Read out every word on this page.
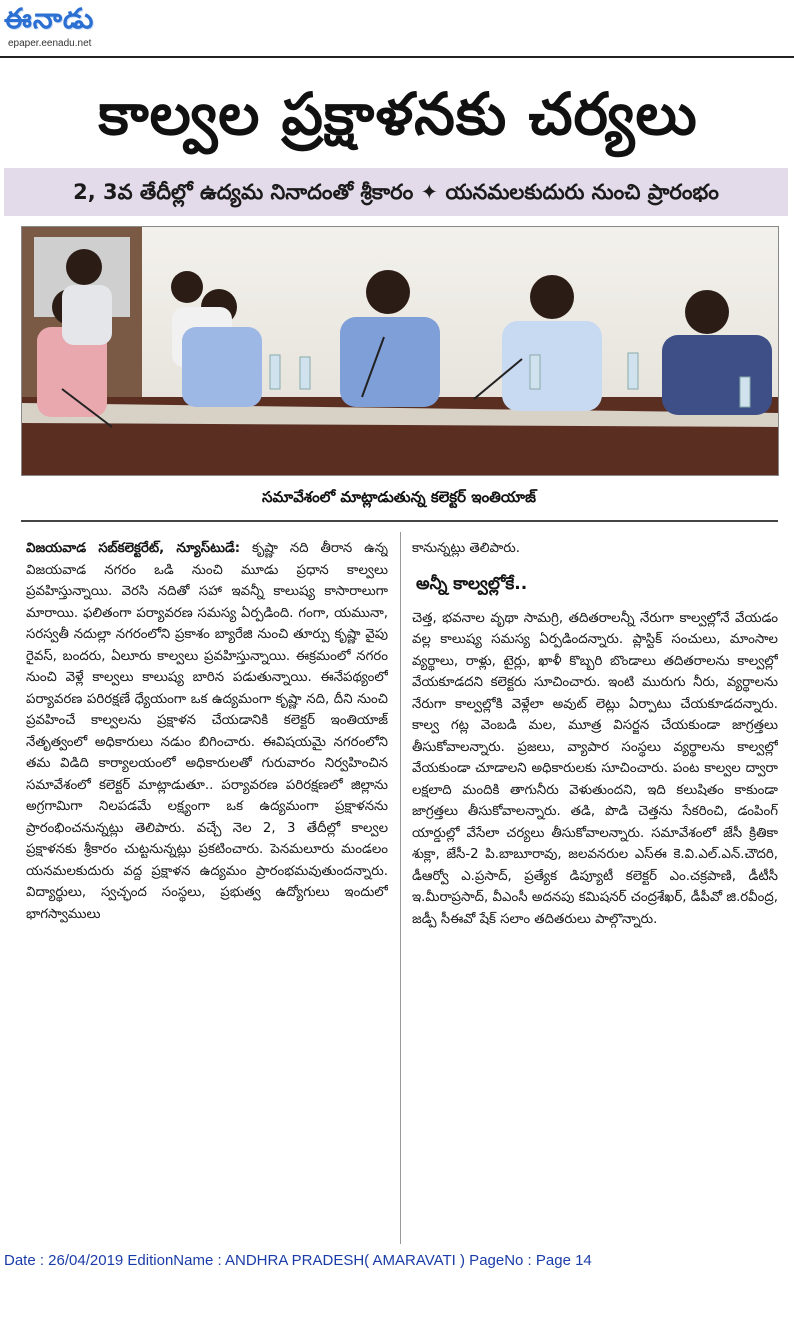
ఈనాడు
epaper.eenadu.net
కాల్వల ప్రక్షాళనకు చర్యలు
2, 3వ తేదీల్లో ఉద్యమ నినాదంతో శ్రీకారం ✦ యనమలకుదురు నుంచి ప్రారంభం
సమావేశంలో మాట్లాడుతున్న కలెక్టర్ ఇంతియాజ్
విజయవాడ సబ్‌కలెక్టరేట్, న్యూస్‌టుడే: కృష్ణా నది తీరాన ఉన్న విజయవాడ నగరం ఒడి నుంచి మూడు ప్రధాన కాల్వలు ప్రవహిస్తున్నాయి. వెరసి నదితో సహా ఇవన్నీ కాలుష్య కాసారాలుగా మారాయి. ఫలితంగా పర్యావరణ సమస్య ఏర్పడింది. గంగా, యమునా, సరస్వతీ నదుల్లా నగరంలోని ప్రకాశం బ్యారేజి నుంచి తూర్పు కృష్ణా వైపు రైవస్, బందరు, ఏలూరు కాల్వలు ప్రవహిస్తున్నాయి. ఈక్రమంలో నగరం నుంచి వెళ్లే కాల్వలు కాలుష్య బారిన పడుతున్నాయి. ఈనేపథ్యంలో పర్యావరణ పరిరక్షణే ధ్యేయంగా ఒక ఉద్యమంగా కృష్ణా నది, దీని నుంచి ప్రవహించే కాల్వలను ప్రక్షాళన చేయడానికి కలెక్టర్ ఇంతియాజ్ నేతృత్వంలో అధికారులు నడుం బిగించారు. ఈవిషయమై నగరంలోని తమ విడిది కార్యాలయంలో అధికారులతో గురువారం నిర్వహించిన సమావేశంలో కలెక్టర్ మాట్లాడుతూ.. పర్యావరణ పరిరక్షణలో జిల్లాను అగ్రగామిగా నిలపడమే లక్ష్యంగా ఒక ఉద్యమంగా ప్రక్షాళనను ప్రారంభించనున్నట్లు తెలిపారు. వచ్చే నెల 2, 3 తేదీల్లో కాల్వల ప్రక్షాళనకు శ్రీకారం చుట్టనున్నట్లు ప్రకటించారు. పెనమలూరు మండలం యనమలకుదురు వద్ద ప్రక్షాళన ఉద్యమం ప్రారంభమవుతుందన్నారు. విద్యార్థులు, స్వచ్ఛంద సంస్థలు, ప్రభుత్వ ఉద్యోగులు ఇందులో భాగస్వాములు
కానున్నట్లు తెలిపారు.
అన్నీ కాల్వల్లోకే..
చెత్త, భవనాల వృథా సామగ్రి, తదితరాలన్నీ నేరుగా కాల్వల్లోనే వేయడం వల్ల కాలుష్య సమస్య ఏర్పడిందన్నారు. ప్లాస్టిక్ సంచులు, మాంసాల వ్యర్థాలు, రాళ్లు, టైర్లు, ఖాళీ కొబ్బరి బొండాలు తదితరాలను కాల్వల్లో వేయకూడదని కలెక్టరు సూచించారు. ఇంటి మురుగు నీరు, వ్యర్థాలను నేరుగా కాల్వల్లోకి వెళ్లేలా అవుట్ లెట్లు ఏర్పాటు చేయకూడదన్నారు. కాల్వ గట్ల వెంబడి మల, మూత్ర విసర్జన చేయకుండా జాగ్రత్తలు తీసుకోవాలన్నారు. ప్రజలు, వ్యాపార సంస్థలు వ్యర్థాలను కాల్వల్లో వేయకుండా చూడాలని అధికారులకు సూచించారు. పంట కాల్వల ద్వారా లక్షలాది మందికి తాగునీరు వెళుతుందని, ఇది కలుషితం కాకుండా జాగ్రత్తలు తీసుకోవాలన్నారు. తడి, పొడి చెత్తను సేకరించి, డంపింగ్ యార్డుల్లో వేసేలా చర్యలు తీసుకోవాలన్నారు. సమావేశంలో జేసీ క్రితికా శుక్లా, జేసీ-2 పి.బాబూరావు, జలవనరుల ఎస్ఈ కె.వి.ఎల్.ఎన్.చౌదరి, డీఆర్వో ఎ.ప్రసాద్, ప్రత్యేక డిప్యూటీ కలెక్టర్ ఎం.చక్రపాణి, డీటీసీ ఇ.మీరాప్రసాద్, వీఎంసీ అదనపు కమిషనర్ చంద్రశేఖర్, డీపీవో జి.రవీంద్ర, జడ్పీ సీఈవో షేక్ సలాం తదితరులు పాల్గొన్నారు.
Date : 26/04/2019 EditionName : ANDHRA PRADESH( AMARAVATI ) PageNo : Page 14
